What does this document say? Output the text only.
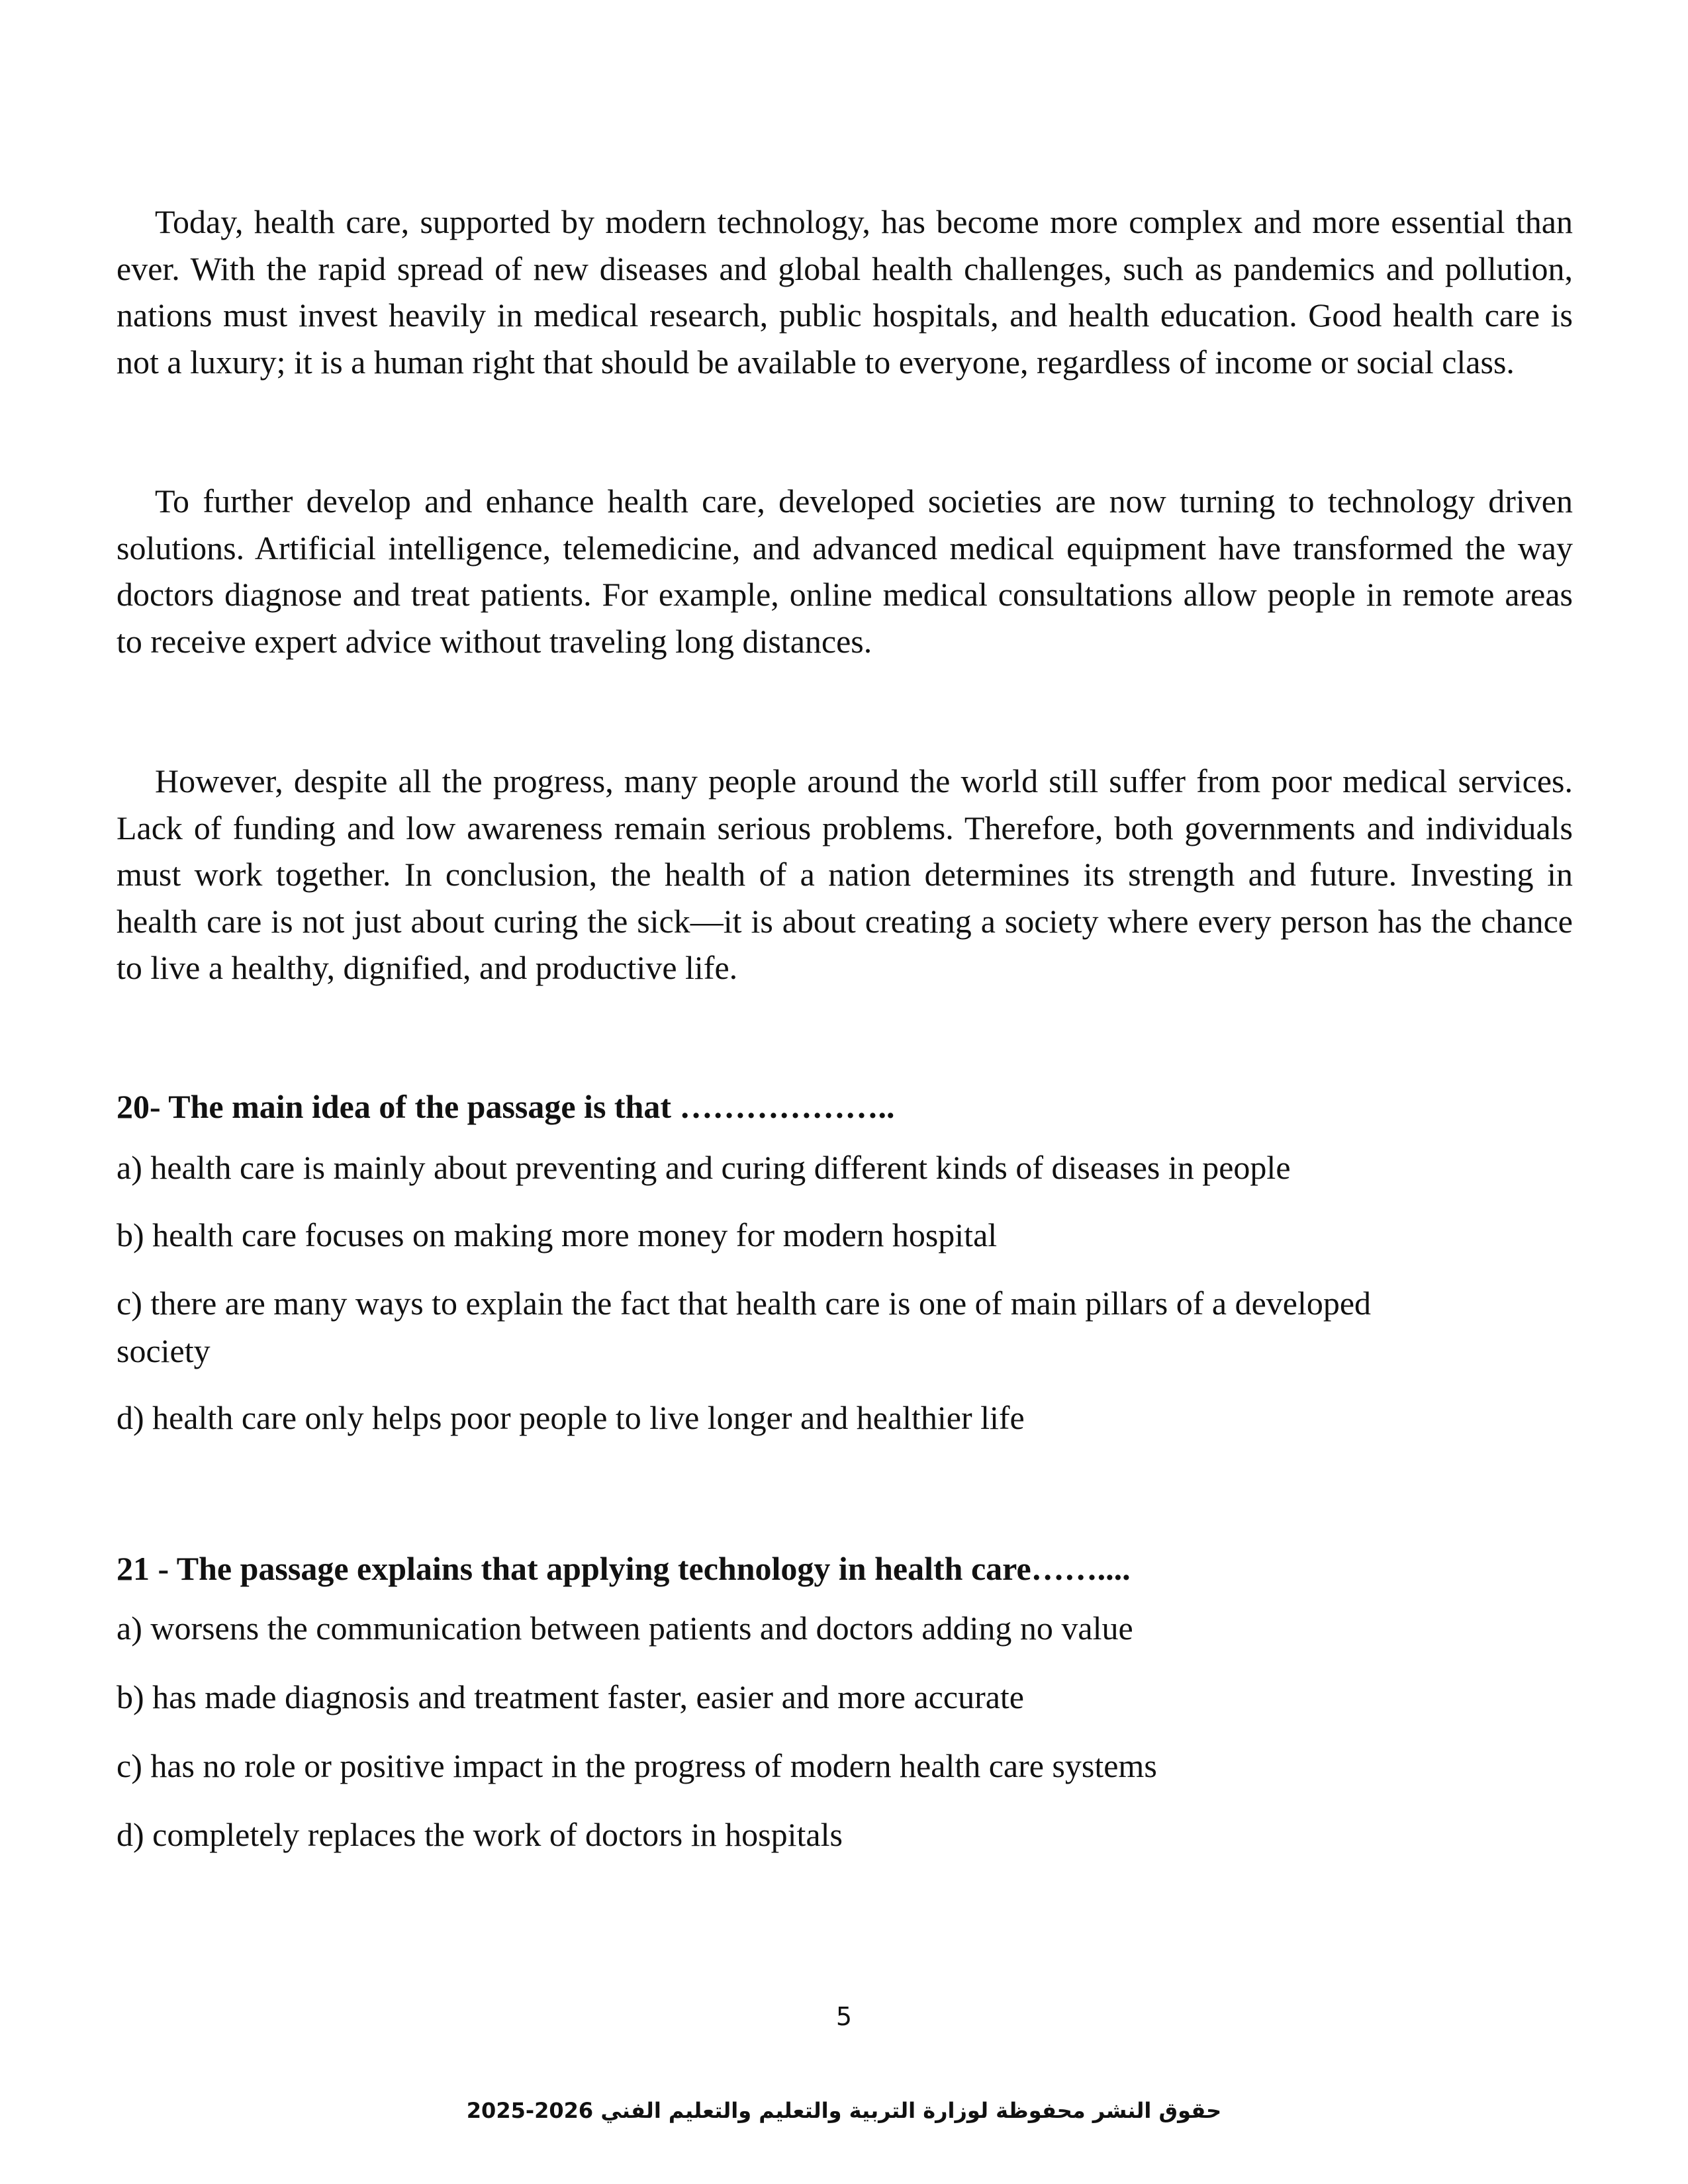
Today, health care, supported by modern technology, has become more complex and more essential than ever. With the rapid spread of new diseases and global health challenges, such as pandemics and pollution, nations must invest heavily in medical research, public hospitals, and health education. Good health care is not a luxury; it is a human right that should be available to everyone, regardless of income or social class.

To further develop and enhance health care, developed societies are now turning to technology driven solutions. Artificial intelligence, telemedicine, and advanced medical equipment have transformed the way doctors diagnose and treat patients. For example, online medical consultations allow people in remote areas to receive expert advice without traveling long distances.

However, despite all the progress, many people around the world still suffer from poor medical services. Lack of funding and low awareness remain serious problems. Therefore, both governments and individuals must work together. In conclusion, the health of a nation determines its strength and future. Investing in health care is not just about curing the sick—it is about creating a society where every person has the chance to live a healthy, dignified, and productive life.

20- The main idea of the passage is that ………………..

a) health care is mainly about preventing and curing different kinds of diseases in people

b) health care focuses on making more money for modern hospital

c) there are many ways to explain the fact that health care is one of main pillars of a developed society

d) health care only helps poor people to live longer and healthier life

21 - The passage explains that applying technology in health care……....

a) worsens the communication between patients and doctors adding no value

b) has made diagnosis and treatment faster, easier and more accurate

c) has no role or positive impact in the progress of modern health care systems

d) completely replaces the work of doctors in hospitals

5
حقوق النشر محفوظة لوزارة التربية والتعليم والتعليم الفني 2026-2025
